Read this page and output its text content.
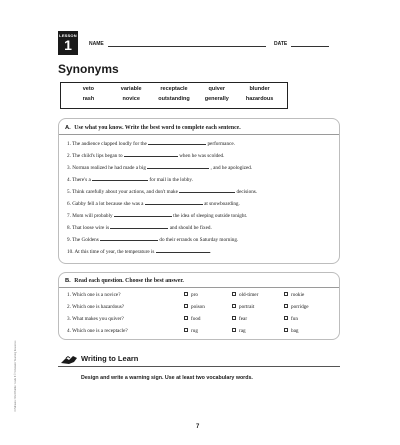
LESSON
1	NAME	DATE
Synonyms
veto	variable	receptacle	quiver	blunder
rash	novice	outstanding	generally	hazardous
A. Use what you know. Write the best word to complete each sentence.
1. The audience clapped loudly for the	performance.
2. The child's lips began to	when he was scolded.
3. Norman realized he had made a big	, and he apologized.
4. There's a	for mail in the lobby.
5. Think carefully about your actions, and don't make	decisions.
6. Gabby fell a lot because she was a	at snowboarding.
7. Mom will probably	the idea of sleeping outside tonight.
8. That loose wire is	and should be fixed.
9. The Goldens	do their errands on Saturday morning.
10. At this time of year, the temperature is	.
B. Read each question. Choose the best answer.
1. Which one is a novice?	pro	old-timer	rookie
2. Which one is hazardous?	poison	portrait	porridge
3. What makes you quiver?	food	fear	fun
4. Which one is a receptacle?	rug	rag	bag
Writing to Learn
Design and write a warning sign. Use at least two vocabulary words.
10 Minutes: Word Builder Grade 6 © Scholastic Teaching Resources
7
